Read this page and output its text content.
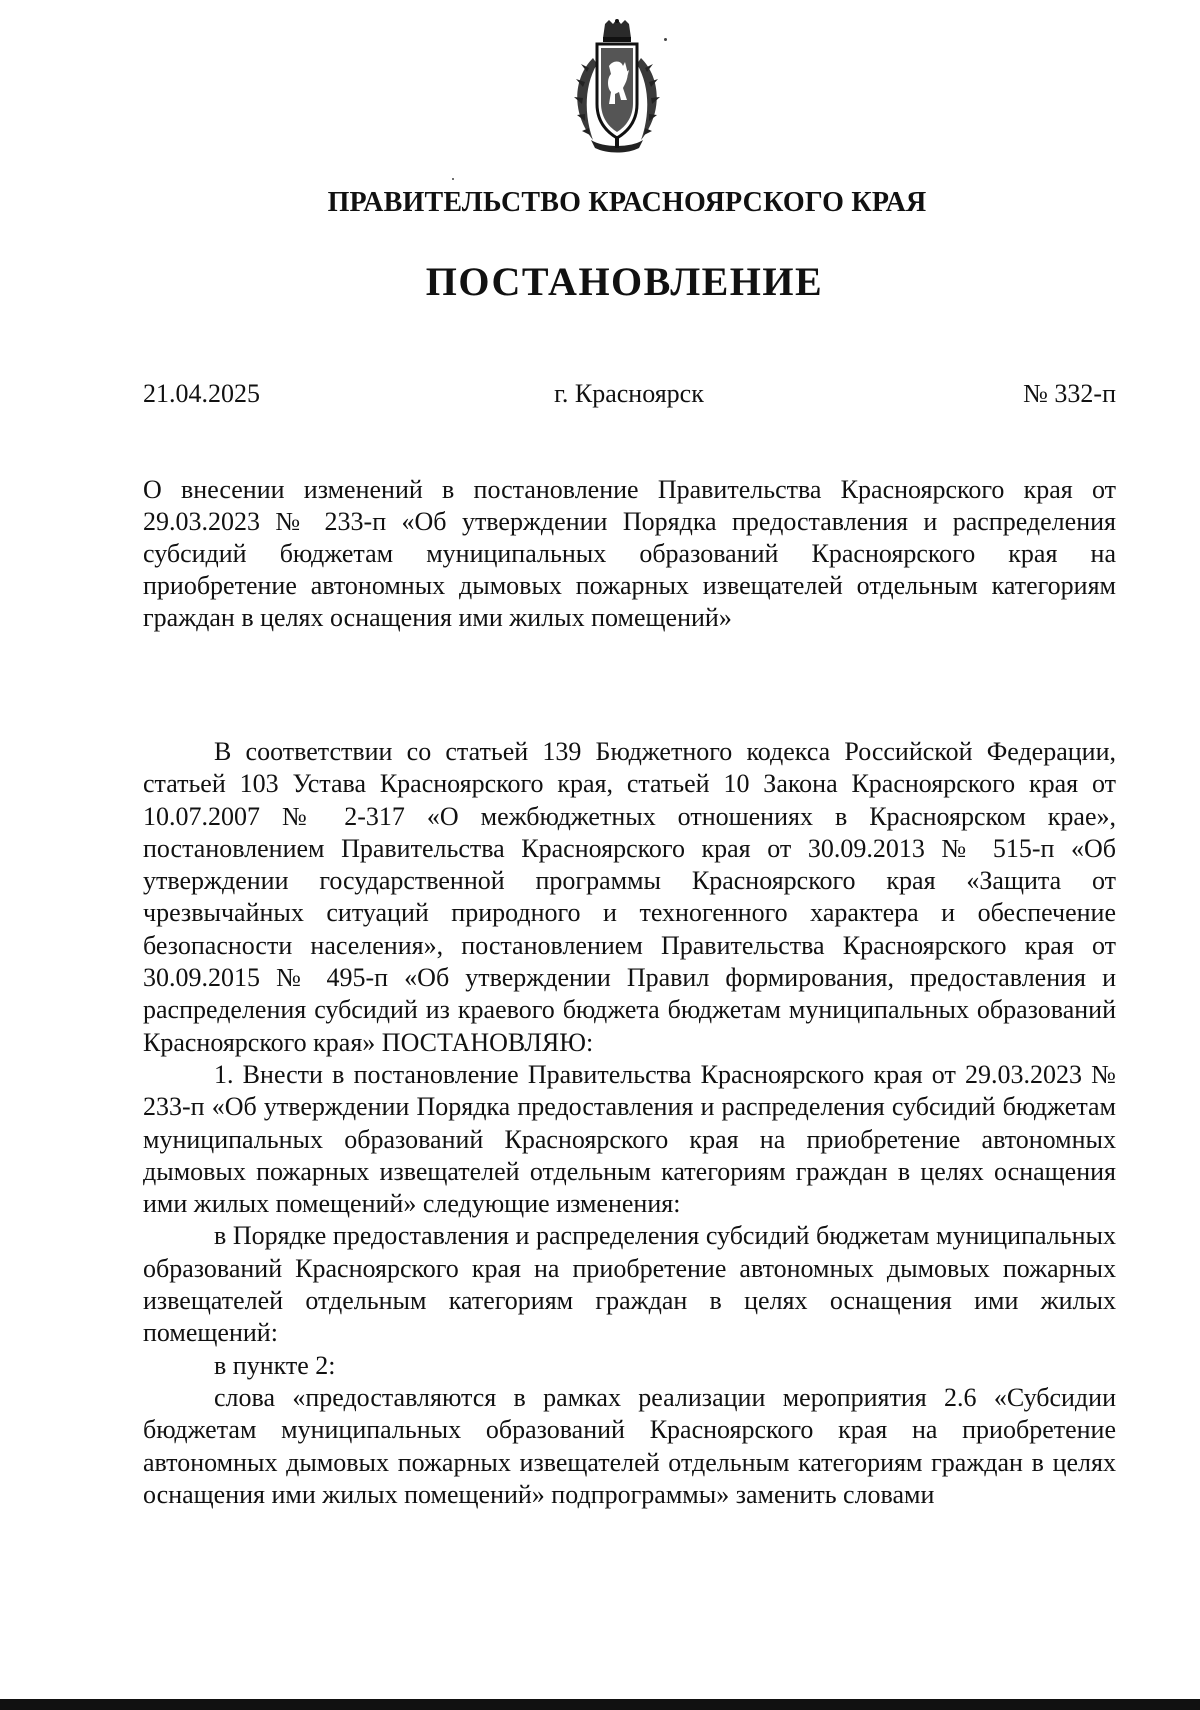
ПРАВИТЕЛЬСТВО КРАСНОЯРСКОГО КРАЯ
ПОСТАНОВЛЕНИЕ
21.04.2025	г. Красноярск	№ 332-п
О внесении изменений в постановление Правительства Красноярского края от 29.03.2023 № 233-п «Об утверждении Порядка предоставления и распределения субсидий бюджетам муниципальных образований Красноярского края на приобретение автономных дымовых пожарных извещателей отдельным категориям граждан в целях оснащения ими жилых помещений»

В соответствии со статьей 139 Бюджетного кодекса Российской Федерации, статьей 103 Устава Красноярского края, статьей 10 Закона Красноярского края от 10.07.2007 № 2-317 «О межбюджетных отношениях в Красноярском крае», постановлением Правительства Красноярского края от 30.09.2013 № 515-п «Об утверждении государственной программы Красноярского края «Защита от чрезвычайных ситуаций природного и техногенного характера и обеспечение безопасности населения», постановлением Правительства Красноярского края от 30.09.2015 № 495-п «Об утверждении Правил формирования, предоставления и распределения субсидий из краевого бюджета бюджетам муниципальных образований Красноярского края» ПОСТАНОВЛЯЮ:

1. Внести в постановление Правительства Красноярского края от 29.03.2023 № 233-п «Об утверждении Порядка предоставления и распределения субсидий бюджетам муниципальных образований Красноярского края на приобретение автономных дымовых пожарных извещателей отдельным категориям граждан в целях оснащения ими жилых помещений» следующие изменения:

в Порядке предоставления и распределения субсидий бюджетам муниципальных образований Красноярского края на приобретение автономных дымовых пожарных извещателей отдельным категориям граждан в целях оснащения ими жилых помещений:

в пункте 2:

слова «предоставляются в рамках реализации мероприятия 2.6 «Субсидии бюджетам муниципальных образований Красноярского края на приобретение автономных дымовых пожарных извещателей отдельным категориям граждан в целях оснащения ими жилых помещений» подпрограммы» заменить словами
